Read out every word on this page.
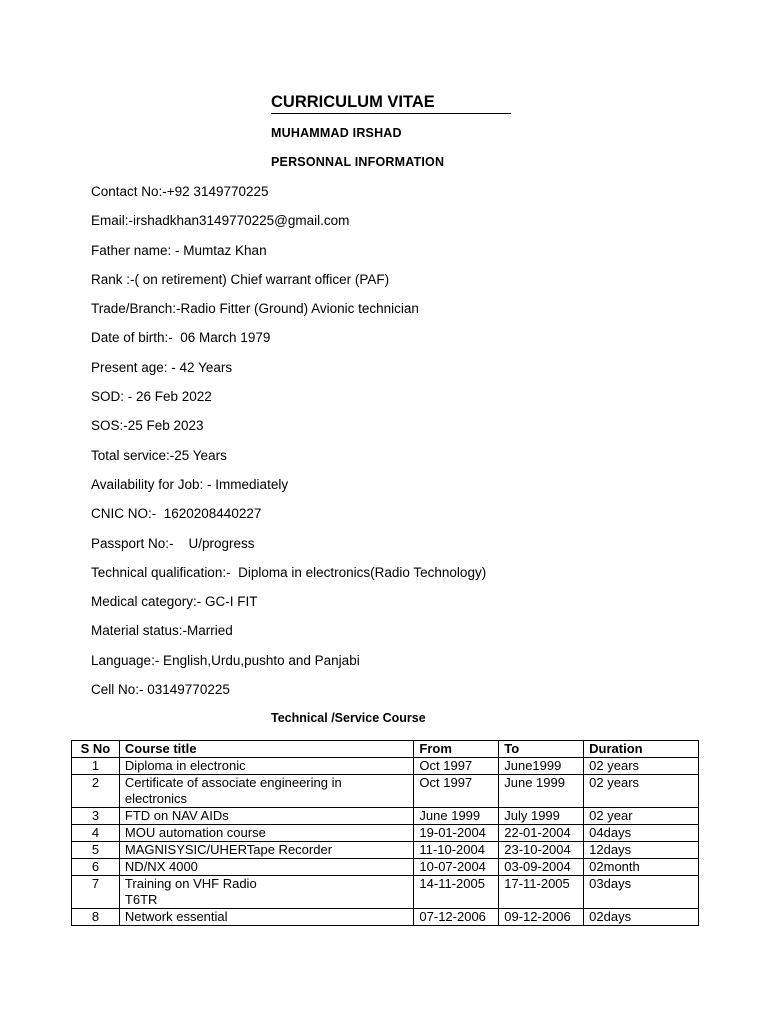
CURRICULUM VITAE
MUHAMMAD IRSHAD
PERSONNAL INFORMATION
Contact No:-+92 3149770225
Email:-irshadkhan3149770225@gmail.com
Father name: - Mumtaz Khan
Rank :-( on retirement) Chief warrant officer (PAF)
Trade/Branch:-Radio Fitter (Ground) Avionic technician
Date of birth:-  06 March 1979
Present age: - 42 Years
SOD: - 26 Feb 2022
SOS:-25 Feb 2023
Total service:-25 Years
Availability for Job: - Immediately
CNIC NO:-  1620208440227
Passport No:-    U/progress
Technical qualification:-  Diploma in electronics(Radio Technology)
Medical category:- GC-I FIT
Material status:-Married
Language:- English,Urdu,pushto and Panjabi
Cell No:- 03149770225
Technical /Service Course
S No	Course title	From	To	Duration
1	Diploma in electronic	Oct 1997	June1999	02 years
2	Certificate of associate engineering in
electronics	Oct 1997	June 1999	02 years
3	FTD on NAV AIDs	June 1999	July 1999	02 year
4	MOU automation course	19-01-2004	22-01-2004	04days
5	MAGNISYSIC/UHERTape Recorder	11-10-2004	23-10-2004	12days
6	ND/NX 4000	10-07-2004	03-09-2004	02month
7	Training on VHF Radio
T6TR	14-11-2005	17-11-2005	03days
8	Network essential	07-12-2006	09-12-2006	02days
